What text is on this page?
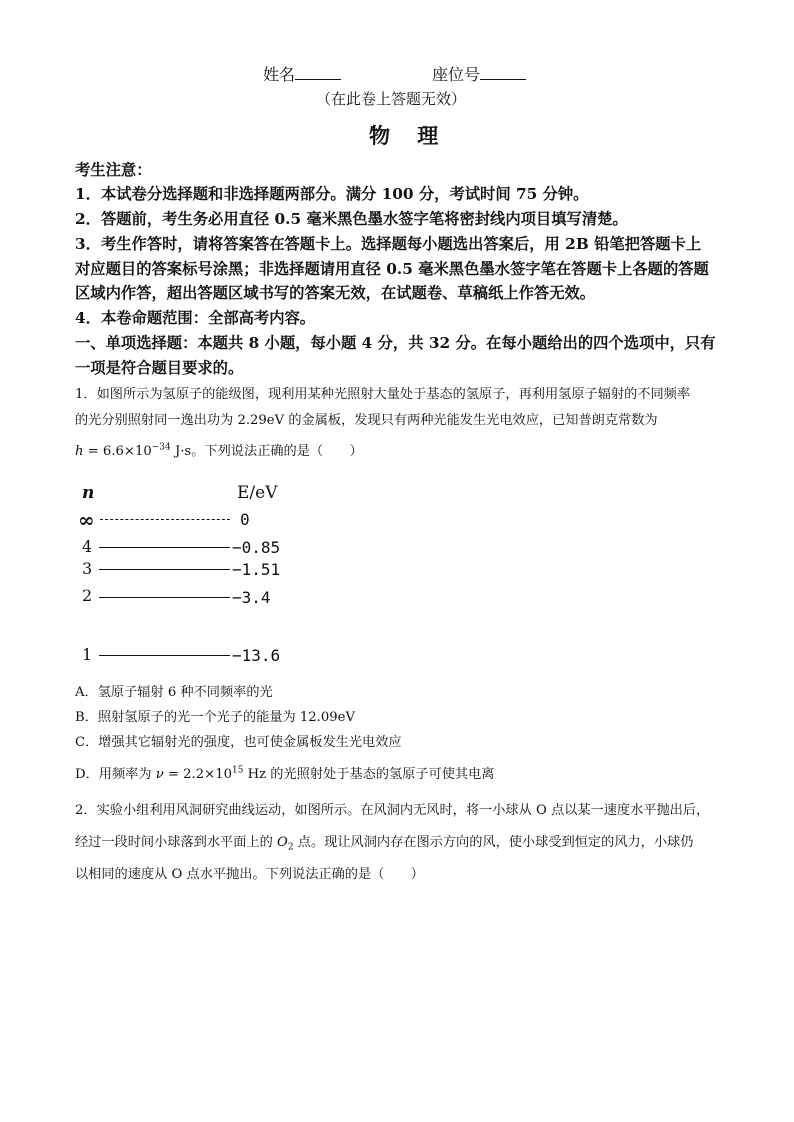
姓名	座位号
（在此卷上答题无效）
物 理
考生注意：
1．本试卷分选择题和非选择题两部分。满分 100 分，考试时间 75 分钟。
2．答题前，考生务必用直径 0.5 毫米黑色墨水签字笔将密封线内项目填写清楚。
3．考生作答时，请将答案答在答题卡上。选择题每小题选出答案后，用 2B 铅笔把答题卡上
对应题目的答案标号涂黑；非选择题请用直径 0.5 毫米黑色墨水签字笔在答题卡上各题的答题
区域内作答，超出答题区域书写的答案无效，在试题卷、草稿纸上作答无效。
4．本卷命题范围：全部高考内容。
一、单项选择题：本题共 8 小题，每小题 4 分，共 32 分。在每小题给出的四个选项中，只有
一项是符合题目要求的。
1．如图所示为氢原子的能级图，现利用某种光照射大量处于基态的氢原子，再利用氢原子辐射的不同频率
的光分别照射同一逸出功为 2.29eV 的金属板，发现只有两种光能发生光电效应，已知普朗克常数为
$h = 6.6\times 10^{-34}$ J·s。下列说法正确的是（　　）
n	E/eV
∞	0
4	−0.85
3	−1.51
2	−3.4
1	−13.6
A．氢原子辐射 6 种不同频率的光
B．照射氢原子的光一个光子的能量为 12.09eV
C．增强其它辐射光的强度，也可使金属板发生光电效应
D．用频率为 $\nu = 2.2\times 10^{15}$ Hz 的光照射处于基态的氢原子可使其电离
2．实验小组利用风洞研究曲线运动，如图所示。在风洞内无风时，将一小球从 O 点以某一速度水平抛出后，
经过一段时间小球落到水平面上的 $O_2$ 点。现让风洞内存在图示方向的风，使小球受到恒定的风力，小球仍
以相同的速度从 O 点水平抛出。下列说法正确的是（　　）
